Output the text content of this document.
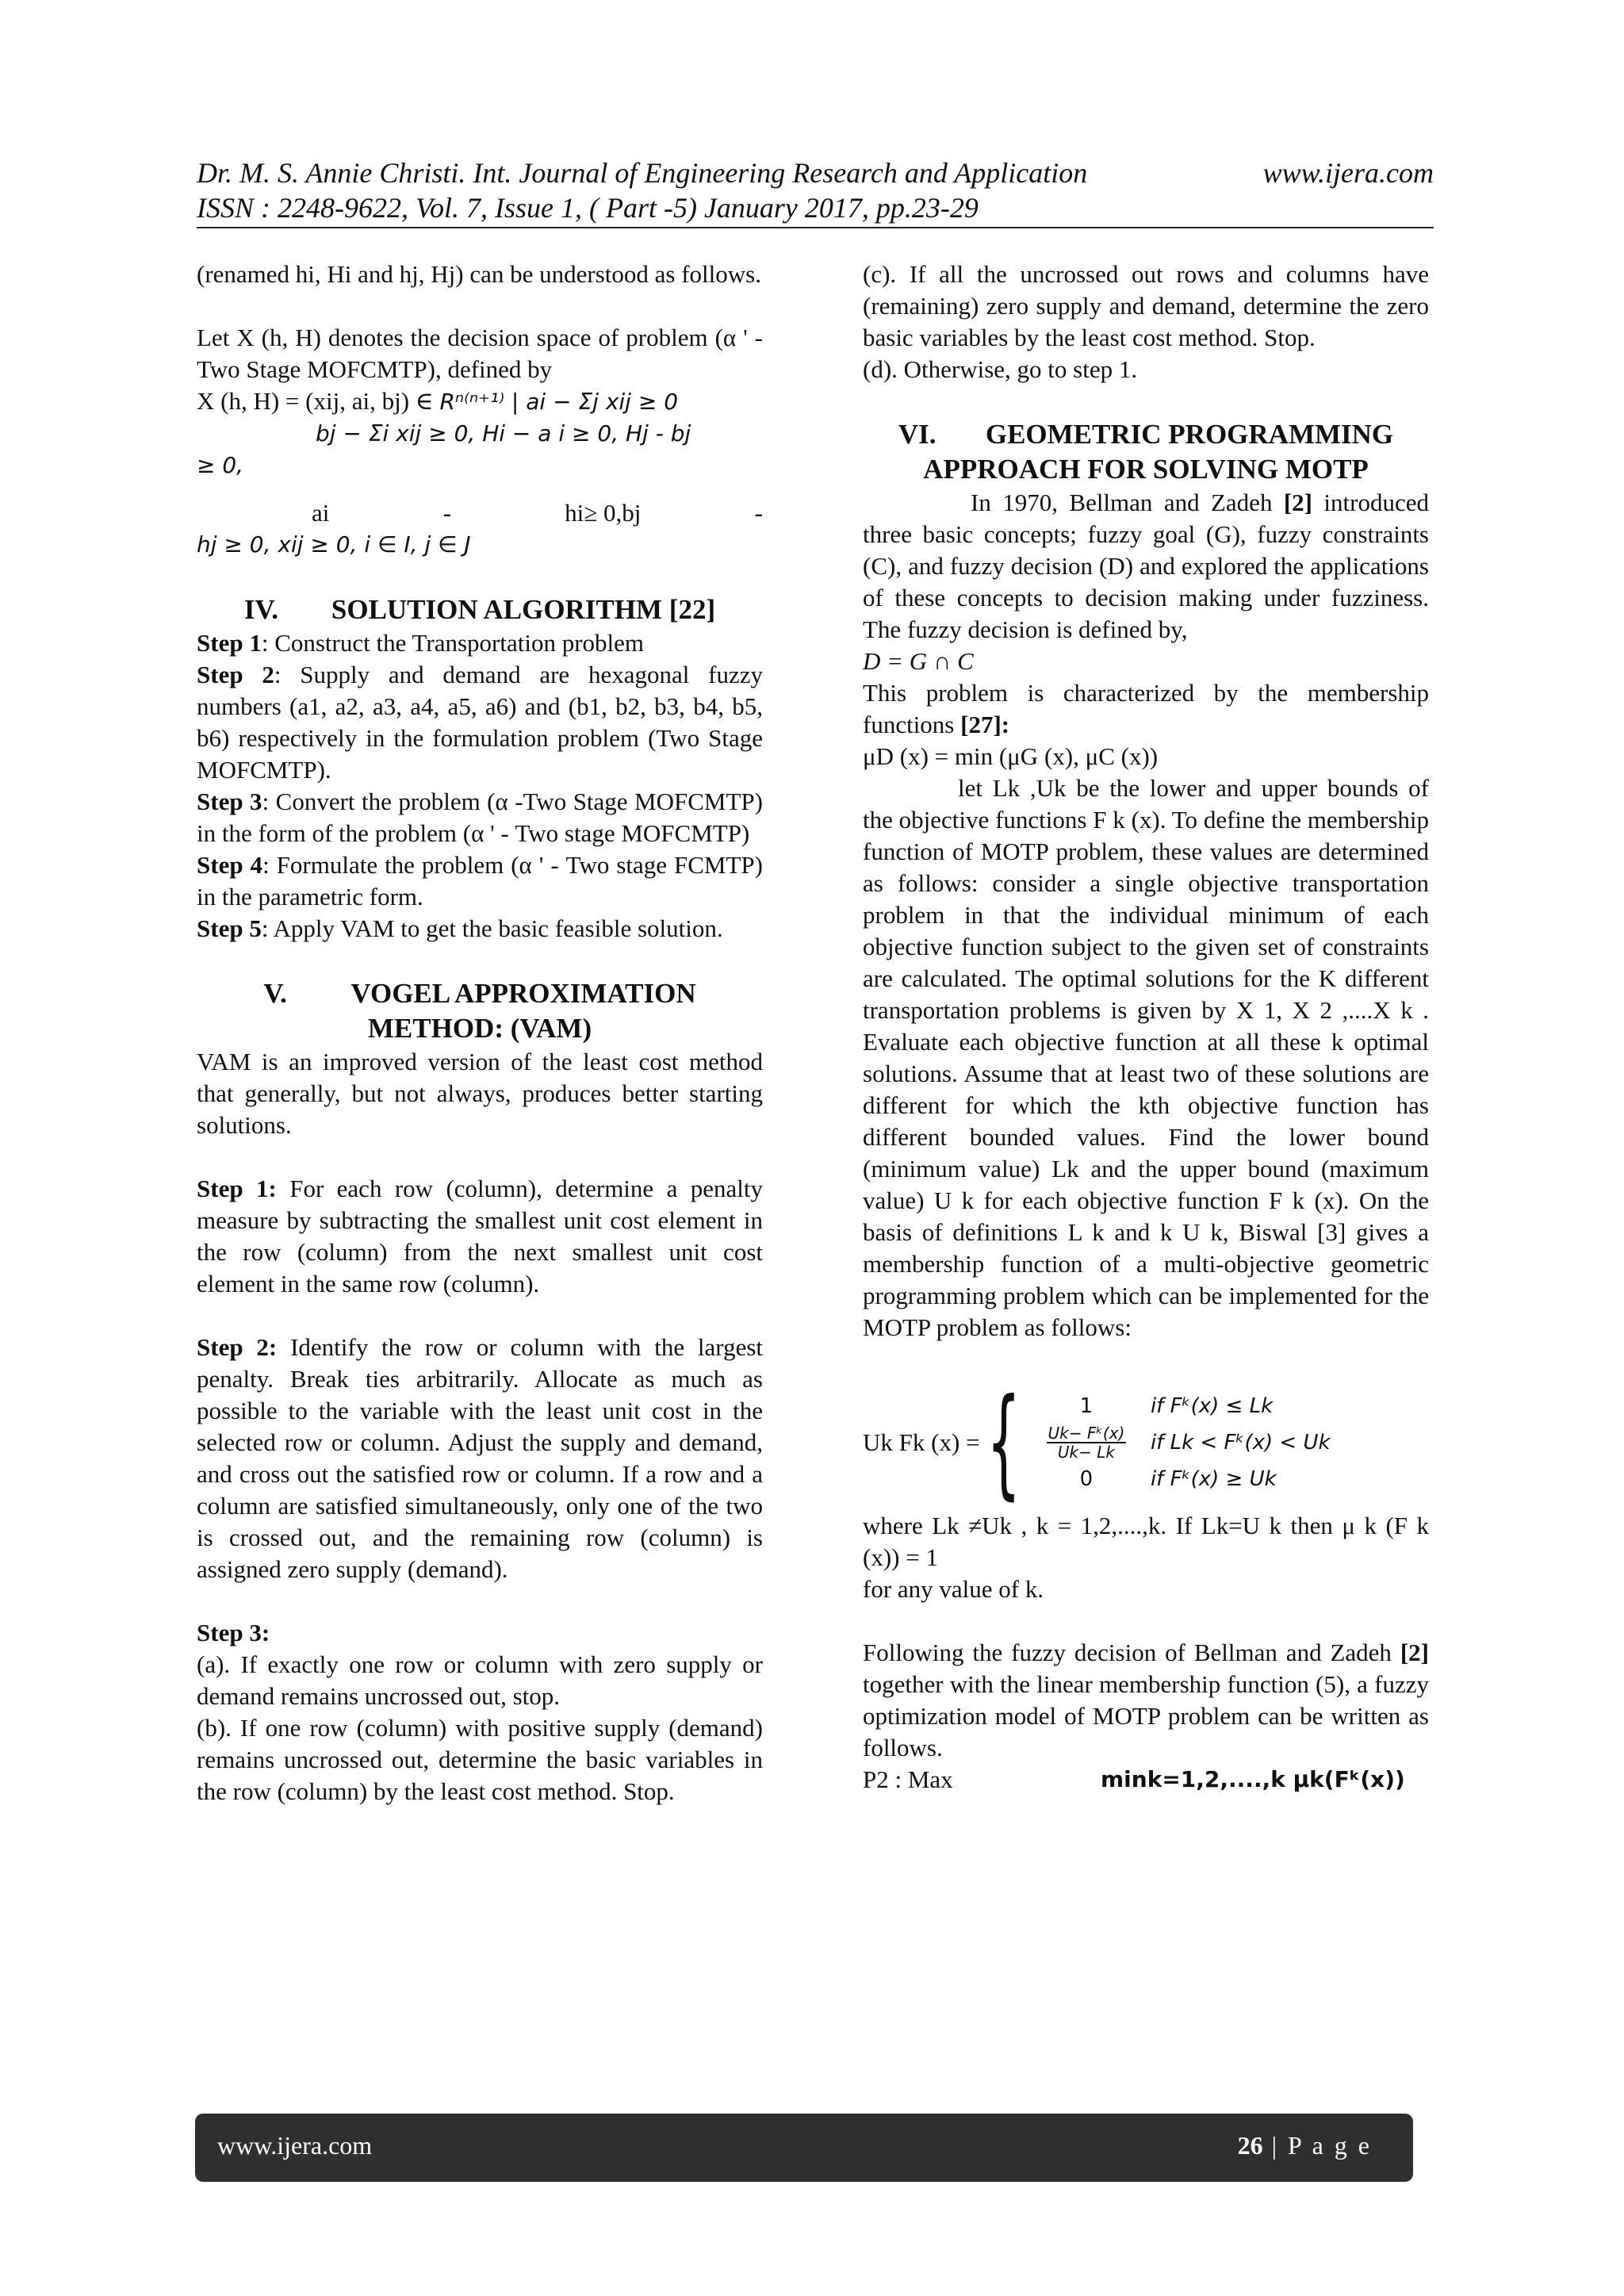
Dr. M. S. Annie Christi. Int. Journal of Engineering Research and Application	www.ijera.com
ISSN : 2248-9622, Vol. 7, Issue 1, ( Part -5) January 2017, pp.23-29

(renamed hi, Hi and hj, Hj) can be understood as follows.

Let X (h, H) denotes the decision space of problem (α ' - Two Stage MOFCMTP), defined by

X (h, H) = (xij, ai, bj) ∈ Rⁿ⁽ⁿ⁺¹⁾ | ai − Σj xij ≥ 0
bj − Σi xij ≥ 0, Hi − a i ≥ 0, Hj - bj
≥ 0,
ai	-	hi≥ 0,bj	-
hj ≥ 0, xij ≥ 0, i ∈ I, j ∈ J
IV. SOLUTION ALGORITHM [22]

Step 1: Construct the Transportation problem

Step 2: Supply and demand are hexagonal fuzzy numbers (a1, a2, a3, a4, a5, a6) and (b1, b2, b3, b4, b5, b6) respectively in the formulation problem (Two Stage MOFCMTP).

Step 3: Convert the problem (α -Two Stage MOFCMTP) in the form of the problem (α ' - Two stage MOFCMTP)

Step 4: Formulate the problem (α ' - Two stage FCMTP) in the parametric form.

Step 5: Apply VAM to get the basic feasible solution.

V. VOGEL APPROXIMATION
METHOD: (VAM)

VAM is an improved version of the least cost method that generally, but not always, produces better starting solutions.

Step 1: For each row (column), determine a penalty measure by subtracting the smallest unit cost element in the row (column) from the next smallest unit cost element in the same row (column).

Step 2: Identify the row or column with the largest penalty. Break ties arbitrarily. Allocate as much as possible to the variable with the least unit cost in the selected row or column. Adjust the supply and demand, and cross out the satisfied row or column. If a row and a column are satisfied simultaneously, only one of the two is crossed out, and the remaining row (column) is assigned zero supply (demand).

Step 3:

(a). If exactly one row or column with zero supply or demand remains uncrossed out, stop.

(b). If one row (column) with positive supply (demand) remains uncrossed out, determine the basic variables in the row (column) by the least cost method. Stop.

(c). If all the uncrossed out rows and columns have (remaining) zero supply and demand, determine the zero basic variables by the least cost method. Stop.

(d). Otherwise, go to step 1.

VI. GEOMETRIC PROGRAMMING
APPROACH FOR SOLVING MOTP

In 1970, Bellman and Zadeh [2] introduced three basic concepts; fuzzy goal (G), fuzzy constraints (C), and fuzzy decision (D) and explored the applications of these concepts to decision making under fuzziness. The fuzzy decision is defined by,

D = G ∩ C

This problem is characterized by the membership functions [27]:

μD (x) = min (μG (x), μC (x))

let Lk ,Uk be the lower and upper bounds of the objective functions F k (x). To define the membership function of MOTP problem, these values are determined as follows: consider a single objective transportation problem in that the individual minimum of each objective function subject to the given set of constraints are calculated. The optimal solutions for the K different transportation problems is given by X 1, X 2 ,....X k . Evaluate each objective function at all these k optimal solutions. Assume that at least two of these solutions are different for which the kth objective function has different bounded values. Find the lower bound (minimum value) Lk and the upper bound (maximum value) U k for each objective function F k (x). On the basis of definitions L k and k U k, Biswal [3] gives a membership function of a multi-objective geometric programming problem which can be implemented for the MOTP problem as follows:

Uk Fk (x) = {	1	if Fᵏ(x) ≤ Lk
$\frac{\text{Uk− Fᵏ(x)}}{Uk- Lk}$ if Lk < Fᵏ(x) < Uk
0	if Fᵏ(x) ≥ Uk

where Lk ≠Uk , k = 1,2,....,k. If Lk=U k then μ k (F k (x)) = 1

for any value of k.

Following the fuzzy decision of Bellman and Zadeh [2] together with the linear membership function (5), a fuzzy optimization model of MOTP problem can be written as follows.

P2 : Max	mink=1,2,....,k μk(Fᵏ(x))
www.ijera.com	26 | P a g e
